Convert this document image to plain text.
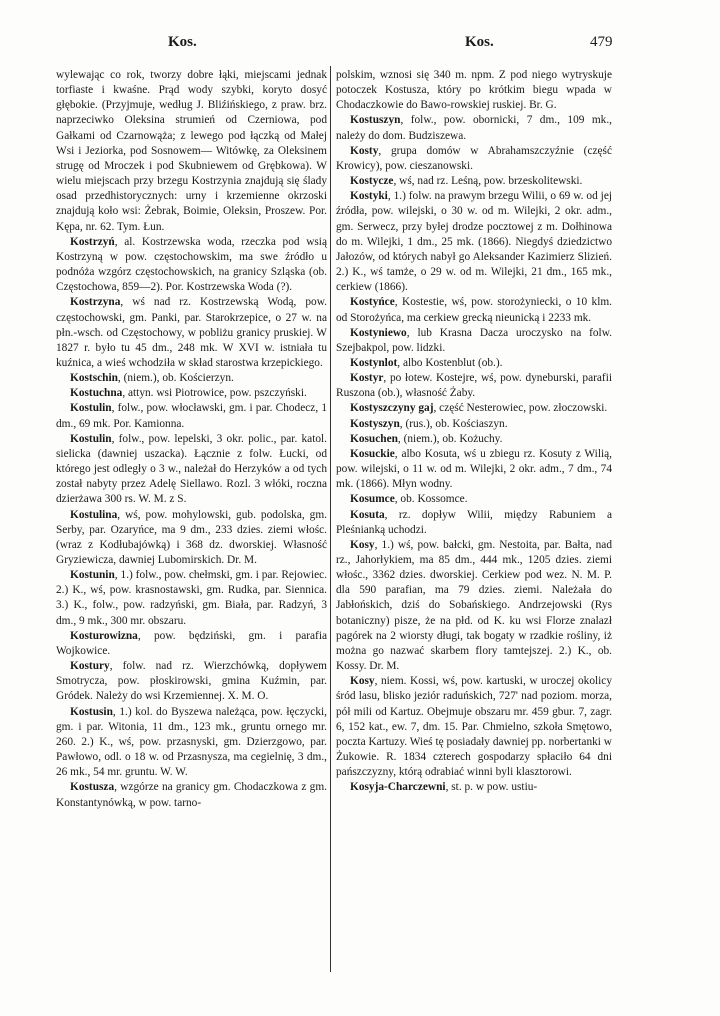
Kos.	Kos.	479

wylewając co rok, tworzy dobre łąki, miejscami jednak torfiaste i kwaśne. Prąd wody szybki, koryto dosyć głębokie. (Przyjmuje, według J. Bliźińskiego, z praw. brz. naprzeciwko Oleksina strumień od Czerniowa, pod Gałkami od Czarnowąża; z lewego pod łączką od Małej Wsi i Jeziorka, pod Sosnowem— Witówkę, za Oleksinem strugę od Mroczek i pod Skubniewem od Grębkowa). W wielu miejscach przy brzegu Kostrzynia znajdują się ślady osad przedhistorycznych: urny i krzemienne okrzoski znajdują koło wsi: Żebrak, Boimie, Oleksin, Proszew. Por. Kępa, nr. 62. Tym. Łun.

Kostrzyń, al. Kostrzewska woda, rzeczka pod wsią Kostrzyną w pow. częstochowskim, ma swe źródło u podnóża wzgórz częstochowskich, na granicy Szląska (ob. Częstochowa, 859—2). Por. Kostrzewska Woda (?).

Kostrzyna, wś nad rz. Kostrzewską Wodą, pow. częstochowski, gm. Panki, par. Starokrzepice, o 27 w. na płn.-wsch. od Częstochowy, w pobliżu granicy pruskiej. W 1827 r. było tu 45 dm., 248 mk. W XVI w. istniała tu kuźnica, a wieś wchodziła w skład starostwa krzepickiego.

Kostschin, (niem.), ob. Kościerzyn.

Kostuchna, attyn. wsi Piotrowice, pow. pszczyński.

Kostulin, folw., pow. włocławski, gm. i par. Chodecz, 1 dm., 69 mk. Por. Kamionna.

Kostulin, folw., pow. lepelski, 3 okr. polic., par. katol. sielicka (dawniej uszacka). Łącznie z folw. Łucki, od którego jest odległy o 3 w., należał do Herzyków a od tych został nabyty przez Adelę Siellawo. Rozl. 3 włóki, roczna dzierżawa 300 rs. W. M. z S.

Kostulina, wś, pow. mohylowski, gub. podolska, gm. Serby, par. Ozaryńce, ma 9 dm., 233 dzies. ziemi włośc. (wraz z Kodłubajówką) i 368 dz. dworskiej. Własność Gryziewicza, dawniej Lubomirskich. Dr. M.

Kostunin, 1.) folw., pow. chełmski, gm. i par. Rejowiec. 2.) K., wś, pow. krasnostawski, gm. Rudka, par. Siennica. 3.) K., folw., pow. radzyński, gm. Biała, par. Radzyń, 3 dm., 9 mk., 300 mr. obszaru.

Kosturowizna, pow. będziński, gm. i parafia Wojkowice.

Kostury, folw. nad rz. Wierzchówką, dopływem Smotrycza, pow. płoskirowski, gmina Kuźmin, par. Gródek. Należy do wsi Krzemiennej. X. M. O.

Kostusin, 1.) kol. do Byszewa należąca, pow. łęczycki, gm. i par. Witonia, 11 dm., 123 mk., gruntu ornego mr. 260. 2.) K., wś, pow. przasnyski, gm. Dzierzgowo, par. Pawłowo, odl. o 18 w. od Przasnysza, ma cegielnię, 3 dm., 26 mk., 54 mr. gruntu. W. W.

Kostusza, wzgórze na granicy gm. Chodaczkowa z gm. Konstantynówką, w pow. tarno-

polskim, wznosi się 340 m. npm. Z pod niego wytryskuje potoczek Kostusza, który po krótkim biegu wpada w Chodaczkowie do Bawo-rowskiej ruskiej. Br. G.

Kostuszyn, folw., pow. obornicki, 7 dm., 109 mk., należy do dom. Budziszewa.

Kosty, grupa domów w Abrahamszczyźnie (część Krowicy), pow. cieszanowski.

Kostycze, wś, nad rz. Leśną, pow. brzeskolitewski.

Kostyki, 1.) folw. na prawym brzegu Wilii, o 69 w. od jej źródła, pow. wilejski, o 30 w. od m. Wilejki, 2 okr. adm., gm. Serwecz, przy byłej drodze pocztowej z m. Dołhinowa do m. Wilejki, 1 dm., 25 mk. (1866). Niegdyś dziedzictwo Jałozów, od których nabył go Aleksander Kazimierz Slizień. 2.) K., wś tamże, o 29 w. od m. Wilejki, 21 dm., 165 mk., cerkiew (1866).

Kostyńce, Kostestie, wś, pow. storożyniecki, o 10 klm. od Storożyńca, ma cerkiew grecką nieunicką i 2233 mk.

Kostyniewo, lub Krasna Dacza uroczysko na folw. Szejbakpol, pow. lidzki.

Kostynlot, albo Kostenblut (ob.).

Kostyr, po łotew. Kostejre, wś, pow. dyneburski, parafii Ruszona (ob.), własność Żaby.

Kostyszczyny gaj, część Nesterowiec, pow. złoczowski.

Kostyszyn, (rus.), ob. Kościaszyn.

Kosuchen, (niem.), ob. Kożuchy.

Kosuckie, albo Kosuta, wś u zbiegu rz. Kosuty z Wilią, pow. wilejski, o 11 w. od m. Wilejki, 2 okr. adm., 7 dm., 74 mk. (1866). Młyn wodny.

Kosumce, ob. Kossomce.

Kosuta, rz. dopływ Wilii, między Rabuniem a Pleśnianką uchodzi.

Kosy, 1.) wś, pow. bałcki, gm. Nestoita, par. Bałta, nad rz., Jahorłykiem, ma 85 dm., 444 mk., 1205 dzies. ziemi włośc., 3362 dzies. dworskiej. Cerkiew pod wez. N. M. P. dla 590 parafian, ma 79 dzies. ziemi. Należała do Jabłońskich, dziś do Sobańskiego. Andrzejowski (Rys botaniczny) pisze, że na płd. od K. ku wsi Florze znalazł pagórek na 2 wiorsty długi, tak bogaty w rzadkie rośliny, iż można go nazwać skarbem flory tamtejszej. 2.) K., ob. Kossy. Dr. M.

Kosy, niem. Kossi, wś, pow. kartuski, w uroczej okolicy śród lasu, blisko jeziór raduńskich, 727' nad poziom. morza, pół mili od Kartuz. Obejmuje obszaru mr. 459 gbur. 7, zagr. 6, 152 kat., ew. 7, dm. 15. Par. Chmielno, szkoła Smętowo, poczta Kartuzy. Wieś tę posiadały dawniej pp. norbertanki w Żukowie. R. 1834 czterech gospodarzy spłaciło 64 dni pańszczyzny, którą odrabiać winni byli klasztorowi.

Kosyja-Charczewni, st. p. w pow. ustiu-
